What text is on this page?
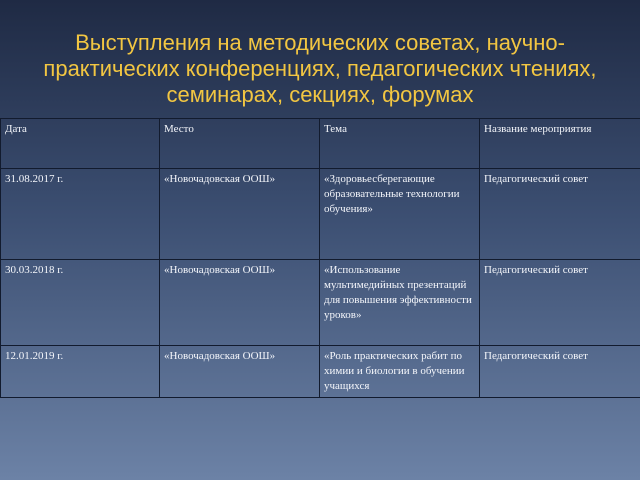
Выступления на методических советах, научно-практических конференциях, педагогических чтениях, семинарах, секциях, форумах
Дата	Место	Тема	Название мероприятия
31.08.2017 г.	«Новочадовская ООШ»	«Здоровьесберегающие образовательные технологии обучения»	Педагогический совет
30.03.2018 г.	«Новочадовская ООШ»	«Использование мультимедийных презентаций для повышения эффективности уроков»	Педагогический совет
12.01.2019 г.	«Новочадовская ООШ»	«Роль практических рабит по химии и биологии в обучении учащихся	Педагогический совет
